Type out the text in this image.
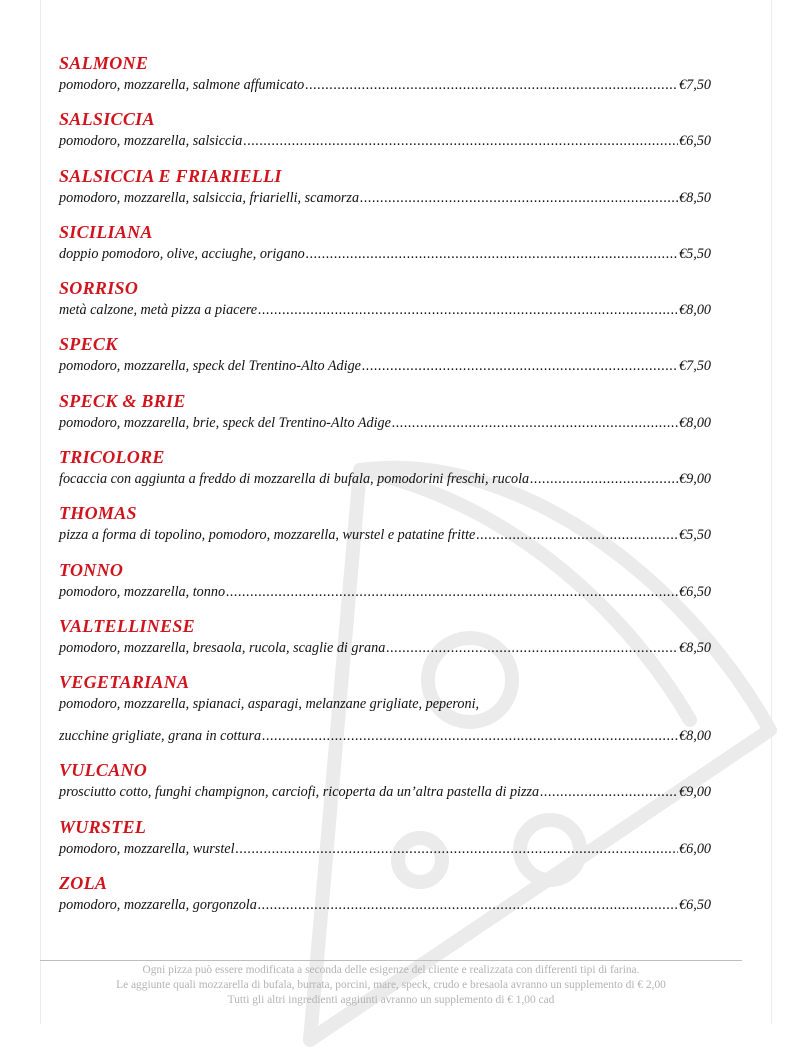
SALMONE
pomodoro, mozzarella, salmone affumicato .....	€7,50
SALSICCIA
pomodoro, mozzarella, salsiccia .....	€6,50
SALSICCIA E FRIARIELLI
pomodoro, mozzarella, salsiccia, friarielli, scamorza .....	€8,50
SICILIANA
doppio pomodoro, olive, acciughe, origano .....	€5,50
SORRISO
metà calzone, metà pizza a piacere .....	€8,00
SPECK
pomodoro, mozzarella, speck del Trentino-Alto Adige .....	€7,50
SPECK & BRIE
pomodoro, mozzarella, brie, speck del Trentino-Alto Adige .....	€8,00
TRICOLORE
focaccia con aggiunta a freddo di mozzarella di bufala, pomodorini freschi, rucola .....	€9,00
THOMAS
pizza a forma di topolino, pomodoro, mozzarella, wurstel e patatine fritte .....	€5,50
TONNO
pomodoro, mozzarella, tonno .....	€6,50
VALTELLINESE
pomodoro, mozzarella, bresaola, rucola, scaglie di grana .....	€8,50
VEGETARIANA
pomodoro, mozzarella, spianaci, asparagi, melanzane grigliate, peperoni,
zucchine grigliate, grana in cottura .....	€8,00
VULCANO
prosciutto cotto, funghi champignon, carciofi, ricoperta da un’altra pastella di pizza .....	€9,00
WURSTEL
pomodoro, mozzarella, wurstel .....	€6,00
ZOLA
pomodoro, mozzarella, gorgonzola .....	€6,50
Ogni pizza può essere modificata a seconda delle esigenze del cliente e realizzata con differenti tipi di farina.
Le aggiunte quali mozzarella di bufala, burrata, porcini, mare, speck, crudo e bresaola avranno un supplemento di € 2,00
Tutti gli altri ingredienti aggiunti avranno un supplemento di € 1,00 cad
